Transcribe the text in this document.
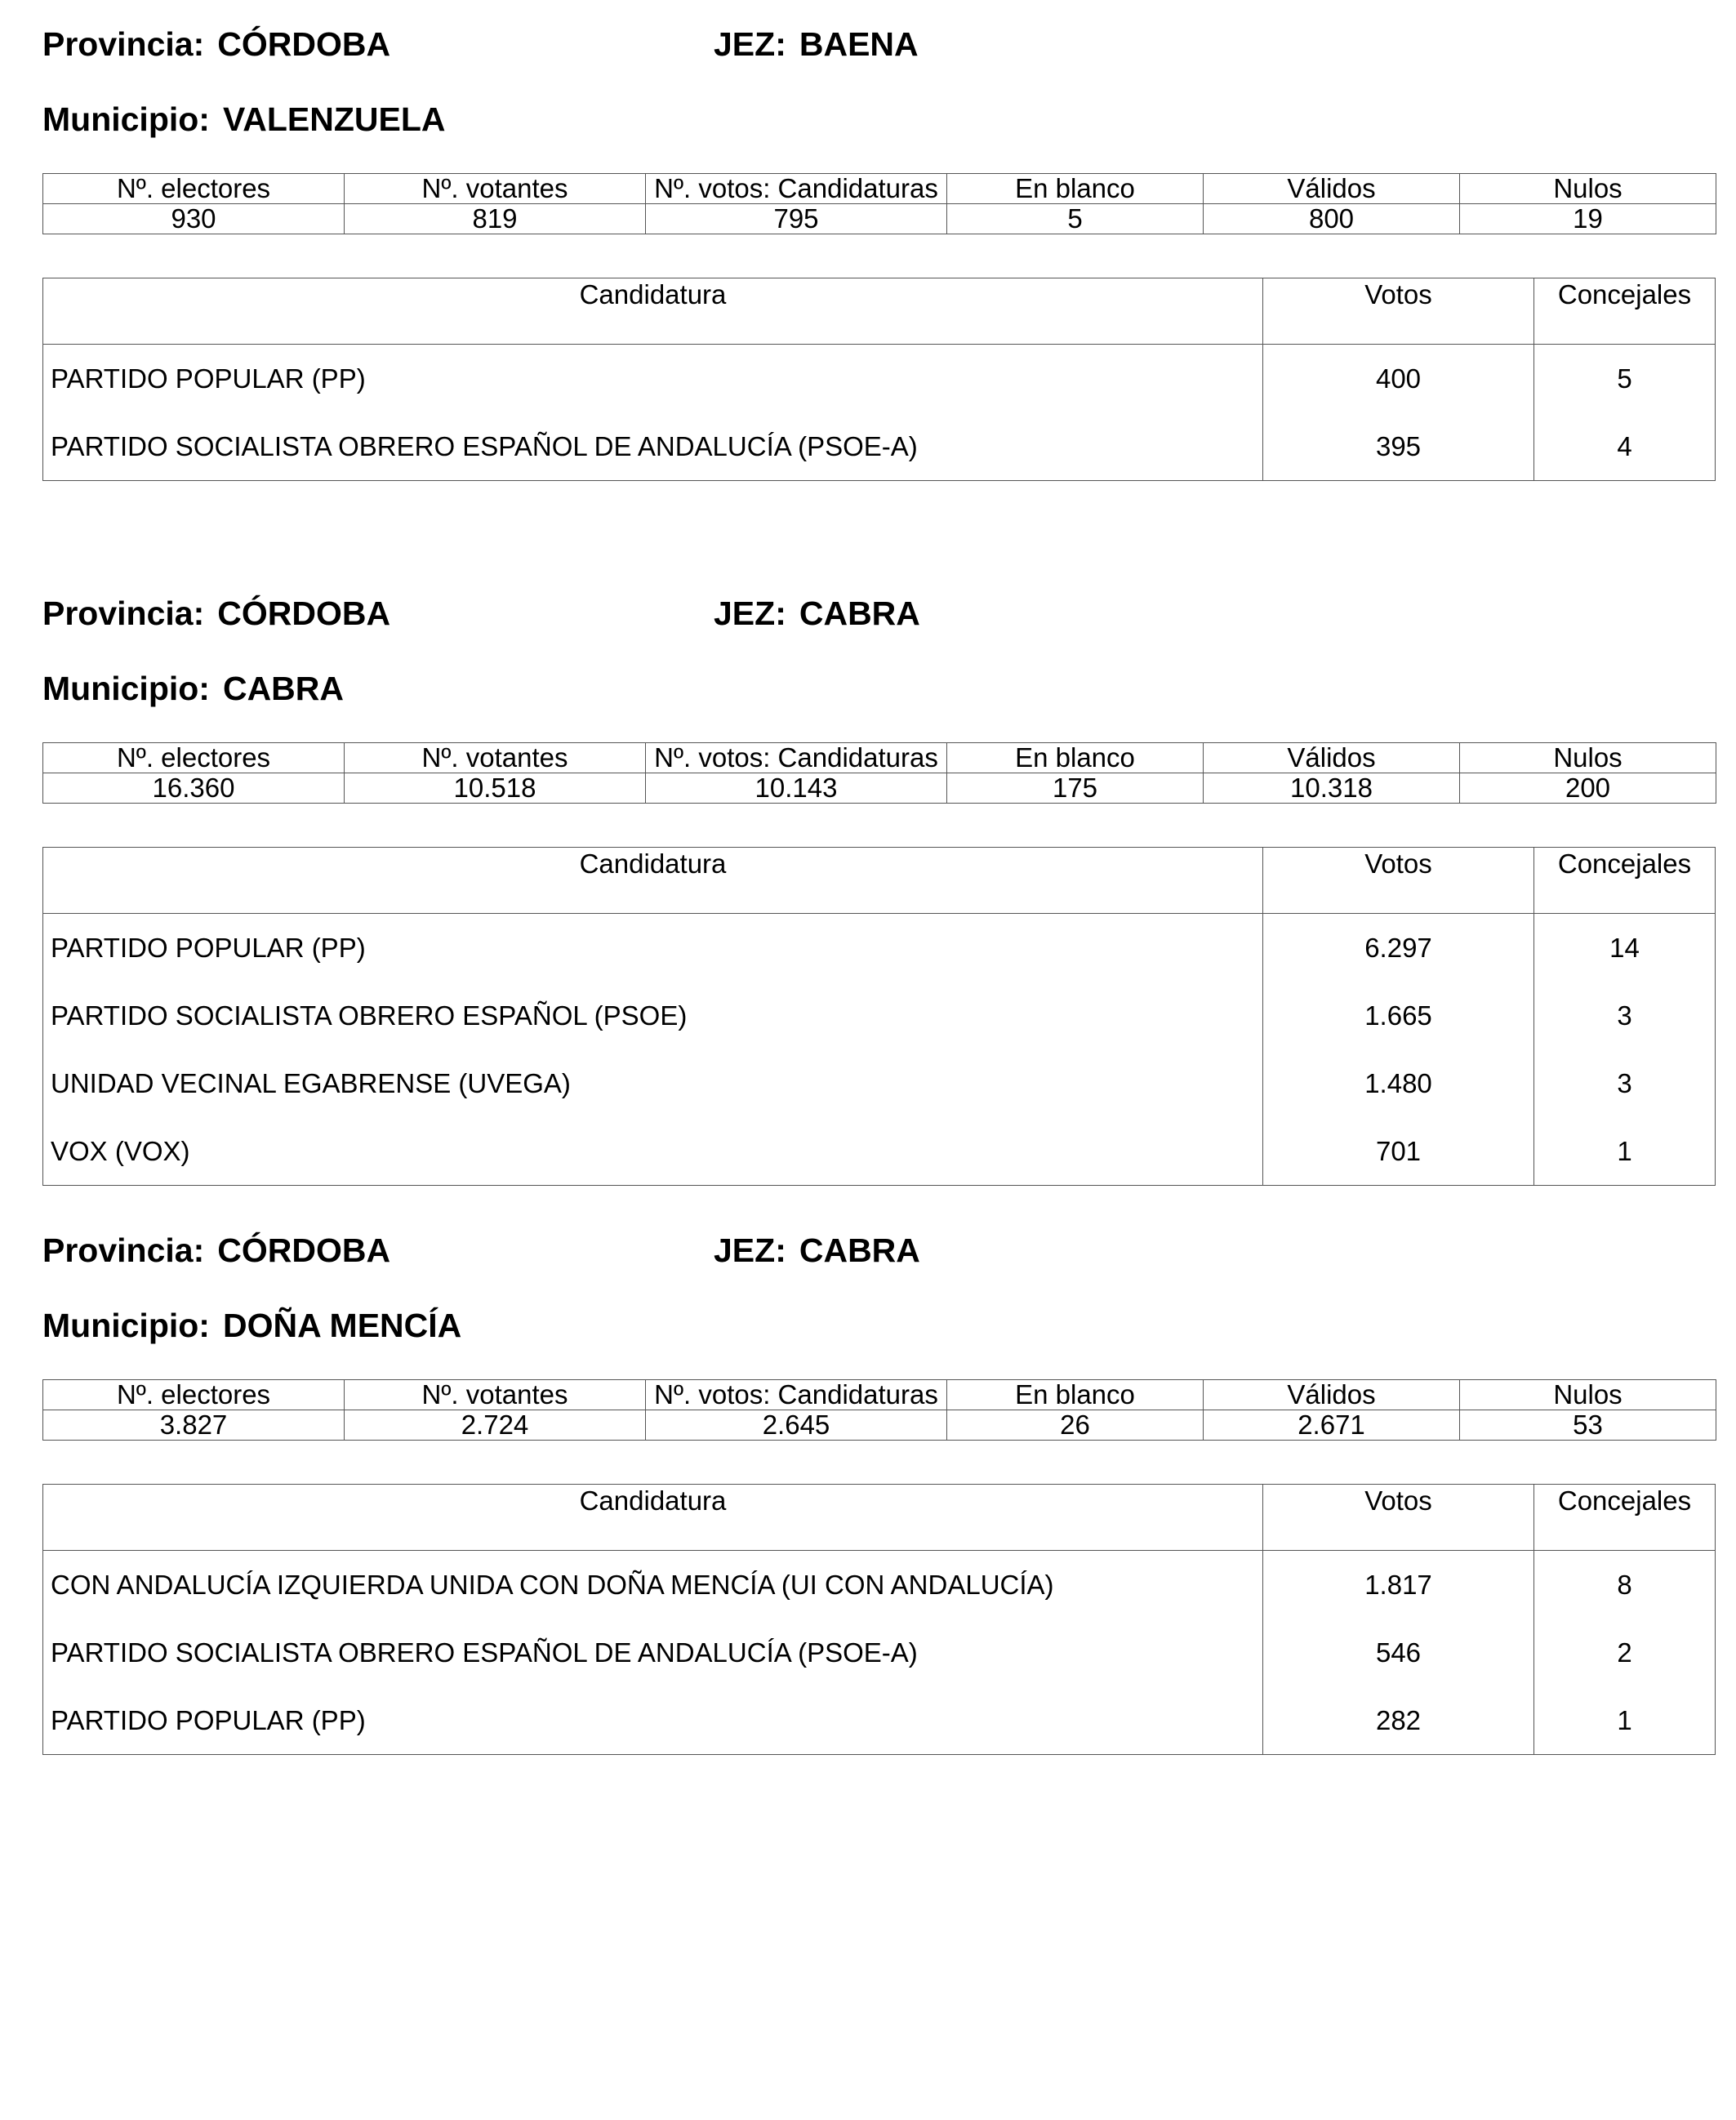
Provincia: CÓRDOBA	JEZ: BAENA
Municipio: VALENZUELA
Nº. electores	Nº. votantes	Nº. votos: Candidaturas	En blanco	Válidos	Nulos
930	819	795	5	800	19
Candidatura	Votos	Concejales
PARTIDO POPULAR (PP)	400	5
PARTIDO SOCIALISTA OBRERO ESPAÑOL DE ANDALUCÍA (PSOE-A)	395	4
Provincia: CÓRDOBA	JEZ: CABRA
Municipio: CABRA
Nº. electores	Nº. votantes	Nº. votos: Candidaturas	En blanco	Válidos	Nulos
16.360	10.518	10.143	175	10.318	200
Candidatura	Votos	Concejales
PARTIDO POPULAR (PP)	6.297	14
PARTIDO SOCIALISTA OBRERO ESPAÑOL (PSOE)	1.665	3
UNIDAD VECINAL EGABRENSE (UVEGA)	1.480	3
VOX (VOX)	701	1
Provincia: CÓRDOBA	JEZ: CABRA
Municipio: DOÑA MENCÍA
Nº. electores	Nº. votantes	Nº. votos: Candidaturas	En blanco	Válidos	Nulos
3.827	2.724	2.645	26	2.671	53
Candidatura	Votos	Concejales
CON ANDALUCÍA IZQUIERDA UNIDA CON DOÑA MENCÍA (UI CON ANDALUCÍA)	1.817	8
PARTIDO SOCIALISTA OBRERO ESPAÑOL DE ANDALUCÍA (PSOE-A)	546	2
PARTIDO POPULAR (PP)	282	1
